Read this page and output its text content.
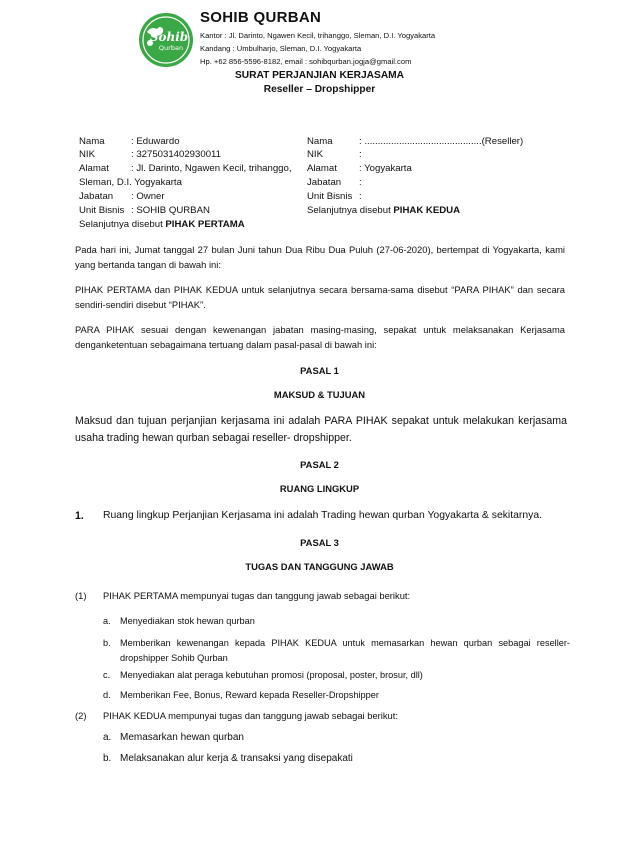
Sohib
Qurban
SOHIB QURBAN
Kantor : Jl. Darinto, Ngawen Kecil, trihanggo, Sleman, D.I. Yogyakarta
Kandang : Umbulharjo, Sleman, D.I. Yogyakarta
Hp. +62 856-5596-8182, email : sohibqurban.jogja@gmail.com
SURAT PERJANJIAN KERJASAMA
Reseller – Dropshipper
Nama	: Eduwardo
NIK	: 3275031402930011
Alamat : Jl. Darinto, Ngawen Kecil, trihanggo,
Sleman, D.I. Yogyakarta
Jabatan : Owner
Unit Bisnis : SOHIB QURBAN
Selanjutnya disebut PIHAK PERTAMA
Nama	: ............................................(Reseller)
NIK	:
Alamat : Yogyakarta
Jabatan :
Unit Bisnis :
Selanjutnya disebut PIHAK KEDUA
Pada hari ini, Jumat tanggal 27 bulan Juni tahun Dua Ribu Dua Puluh (27-06-2020), bertempat di Yogyakarta, kami yang bertanda tangan di bawah ini:
PIHAK PERTAMA dan PIHAK KEDUA untuk selanjutnya secara bersama-sama disebut “PARA PIHAK” dan secara sendiri-sendiri disebut “PIHAK”.
PARA PIHAK sesuai dengan kewenangan jabatan masing-masing, sepakat untuk melaksanakan Kerjasama denganketentuan sebagaimana tertuang dalam pasal-pasal di bawah ini:
PASAL 1
MAKSUD & TUJUAN
Maksud dan tujuan perjanjian kerjasama ini adalah PARA PIHAK sepakat untuk melakukan kerjasama usaha trading hewan qurban sebagai reseller- dropshipper.
PASAL 2
RUANG LINGKUP
1. Ruang lingkup Perjanjian Kerjasama ini adalah Trading hewan qurban Yogyakarta & sekitarnya.
PASAL 3
TUGAS DAN TANGGUNG JAWAB
(1) PIHAK PERTAMA mempunyai tugas dan tanggung jawab sebagai berikut:
a. Menyediakan stok hewan qurban
b. Memberikan kewenangan kepada PIHAK KEDUA untuk memasarkan hewan qurban sebagai reseller-dropshipper Sohib Qurban
c. Menyediakan alat peraga kebutuhan promosi (proposal, poster, brosur, dll)
d. Memberikan Fee, Bonus, Reward kepada Reseller-Dropshipper
(2) PIHAK KEDUA mempunyai tugas dan tanggung jawab sebagai berikut:
a. Memasarkan hewan qurban
b. Melaksanakan alur kerja & transaksi yang disepakati
